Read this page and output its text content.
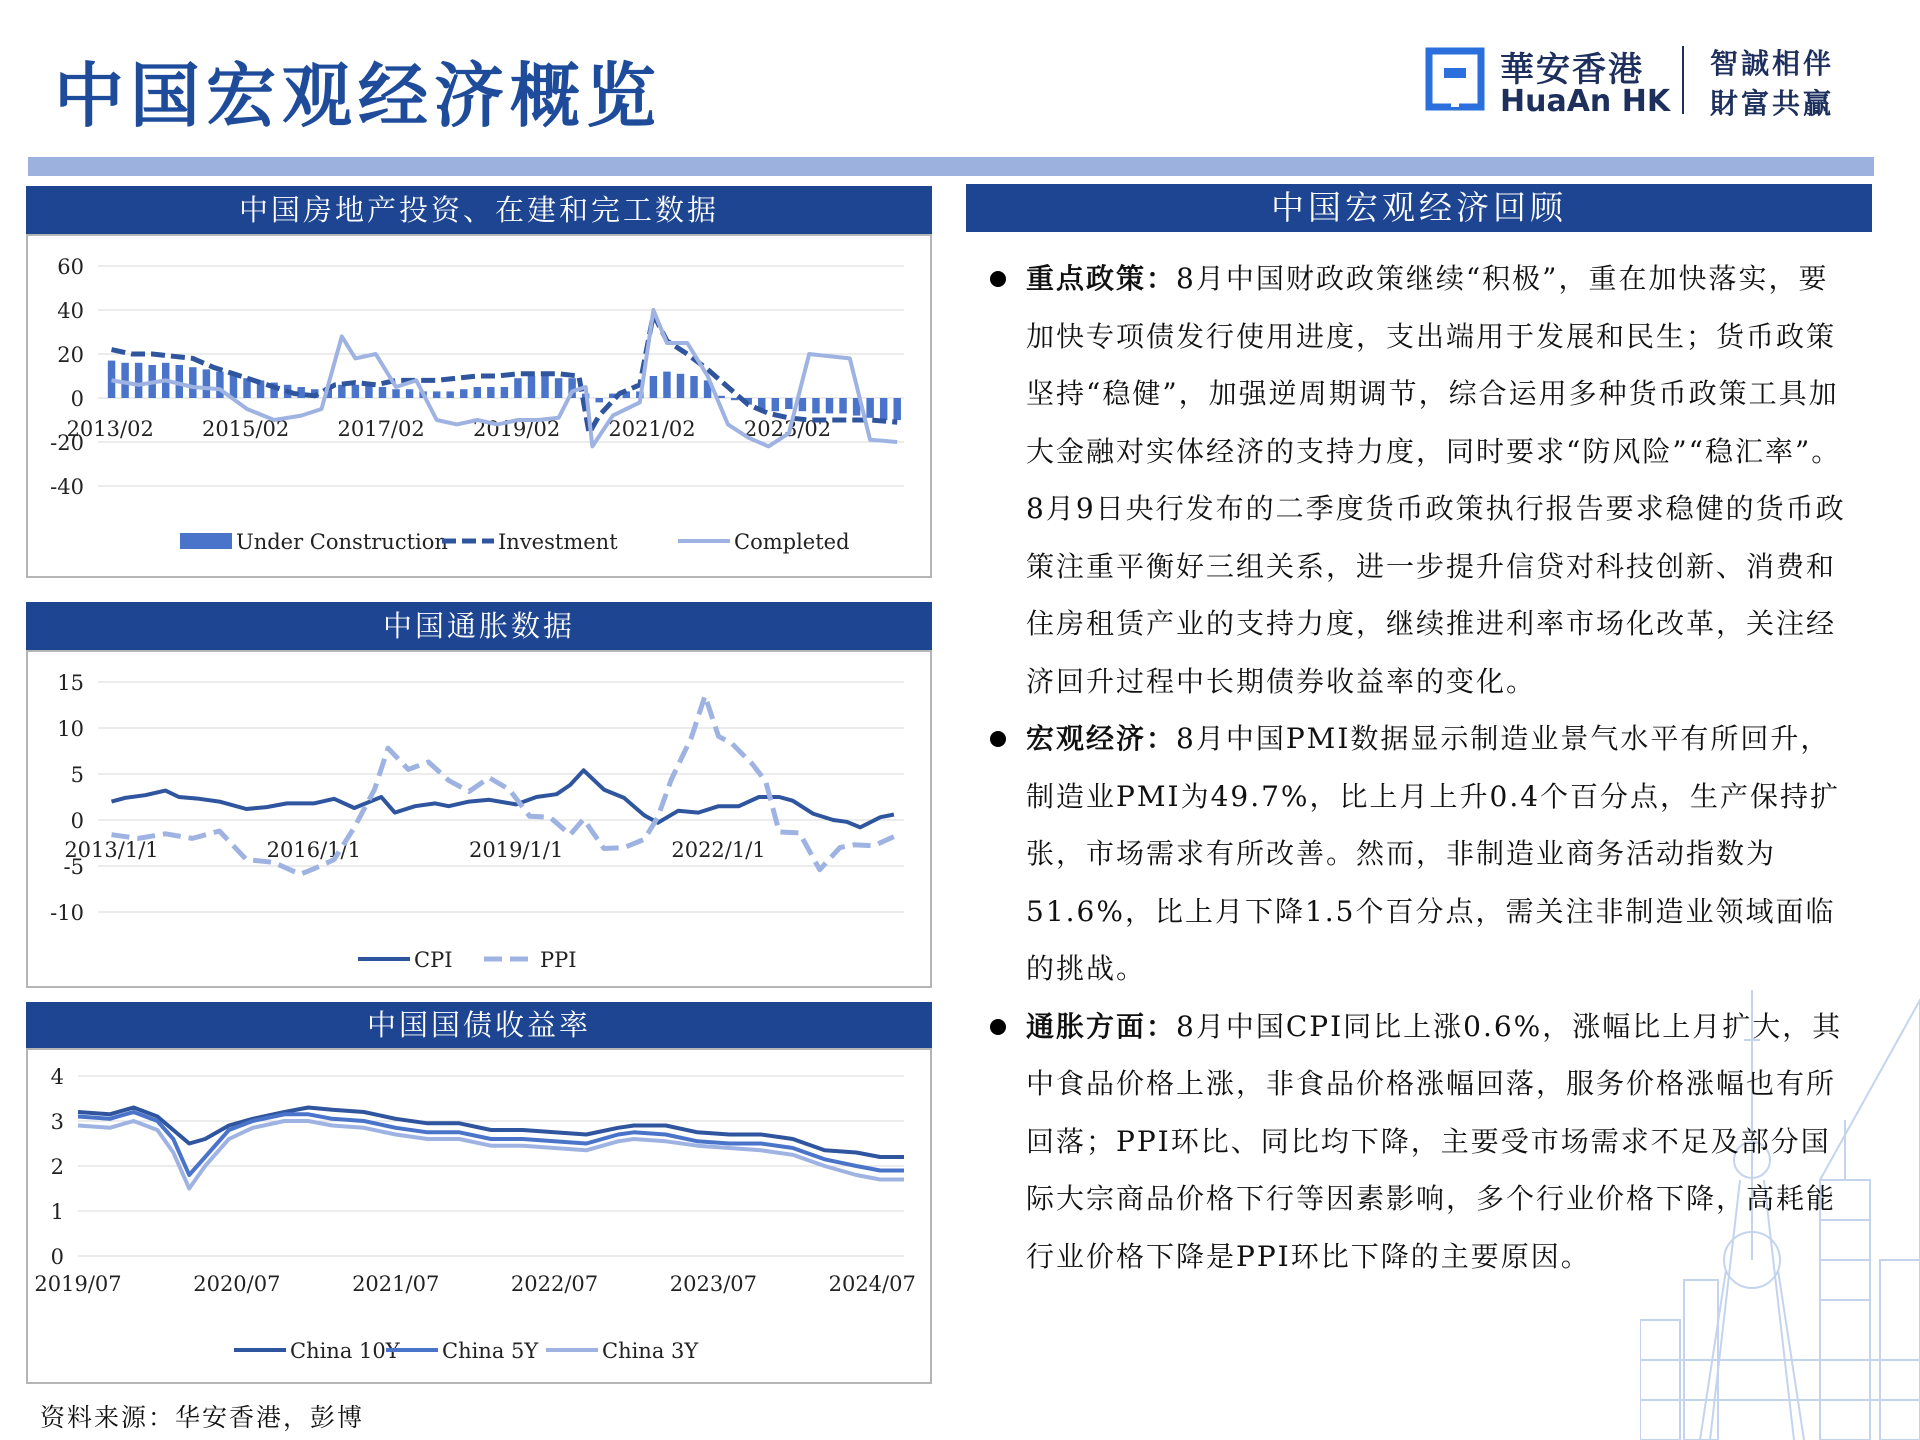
中国宏观经济概览	華安香港
HuaAn HK
智誠相伴
財富共贏
中国房地产投资、在建和完工数据
60
40
20
0
-20
-40
2013/02 2015/02 2017/02 2019/02 2021/02 2023/02
Under Construction Investment	Completed
中国通胀数据
15
10
5
0
-5
-10
2013/1/1	2016/1/1	2019/1/1	2022/1/1
CPI	PPI
中国国债收益率
4
3
2
1
0
2019/07	2020/07	2021/07	2022/07	2023/07	2024/07
China 10Y China 5Y	China 3Y
资料来源：华安香港，彭博
中国宏观经济回顾
重点政策：8月中国财政政策继续“积极”，重在加快落实，要加快专项债发行使用进度，支出端用于发展和民生；货币政策坚持“稳健”，加强逆周期调节，综合运用多种货币政策工具加大金融对实体经济的支持力度，同时要求“防风险”“稳汇率”。8月9日央行发布的二季度货币政策执行报告要求稳健的货币政策注重平衡好三组关系，进一步提升信贷对科技创新、消费和住房租赁产业的支持力度，继续推进利率市场化改革，关注经济回升过程中长期债券收益率的变化。
宏观经济：8月中国PMI数据显示制造业景气水平有所回升，制造业PMI为49.7%，比上月上升0.4个百分点，生产保持扩张，市场需求有所改善。然而，非制造业商务活动指数为51.6%，比上月下降1.5个百分点，需关注非制造业领域面临的挑战。
通胀方面：8月中国CPI同比上涨0.6%，涨幅比上月扩大，其中食品价格上涨，非食品价格涨幅回落，服务价格涨幅也有所回落；PPI环比、同比均下降，主要受市场需求不足及部分国际大宗商品价格下行等因素影响，多个行业价格下降，高耗能行业价格下降是PPI环比下降的主要原因。
